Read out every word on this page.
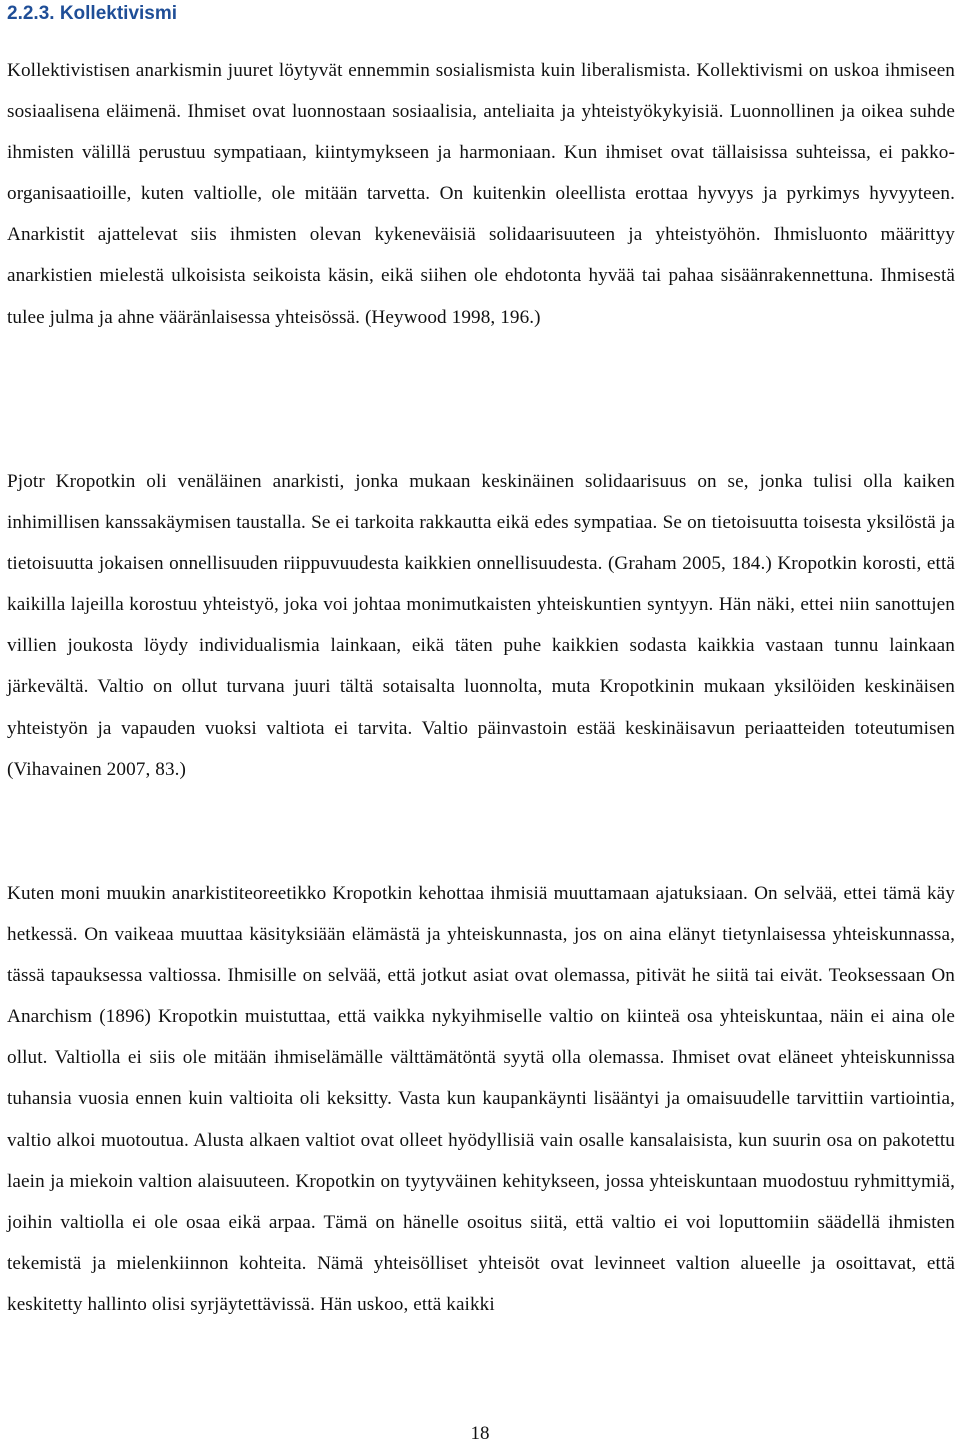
2.2.3. Kollektivismi

Kollektivistisen anarkismin juuret löytyvät ennemmin sosialismista kuin liberalismista. Kollektivismi on uskoa ihmiseen sosiaalisena eläimenä. Ihmiset ovat luonnostaan sosiaalisia, anteliaita ja yhteistyökykyisiä. Luonnollinen ja oikea suhde ihmisten välillä perustuu sympatiaan, kiintymykseen ja harmoniaan. Kun ihmiset ovat tällaisissa suhteissa, ei pakko-organisaatioille, kuten valtiolle, ole mitään tarvetta. On kuitenkin oleellista erottaa hyvyys ja pyrkimys hyvyyteen. Anarkistit ajattelevat siis ihmisten olevan kykeneväisiä solidaarisuuteen ja yhteistyöhön. Ihmisluonto määrittyy anarkistien mielestä ulkoisista seikoista käsin, eikä siihen ole ehdotonta hyvää tai pahaa sisäänrakennettuna. Ihmisestä tulee julma ja ahne vääränlaisessa yhteisössä. (Heywood 1998, 196.)

Pjotr Kropotkin oli venäläinen anarkisti, jonka mukaan keskinäinen solidaarisuus on se, jonka tulisi olla kaiken inhimillisen kanssakäymisen taustalla. Se ei tarkoita rakkautta eikä edes sympatiaa. Se on tietoisuutta toisesta yksilöstä ja tietoisuutta jokaisen onnellisuuden riippuvuudesta kaikkien onnellisuudesta. (Graham 2005, 184.) Kropotkin korosti, että kaikilla lajeilla korostuu yhteistyö, joka voi johtaa monimutkaisten yhteiskuntien syntyyn. Hän näki, ettei niin sanottujen villien joukosta löydy individualismia lainkaan, eikä täten puhe kaikkien sodasta kaikkia vastaan tunnu lainkaan järkevältä. Valtio on ollut turvana juuri tältä sotaisalta luonnolta, muta Kropotkinin mukaan yksilöiden keskinäisen yhteistyön ja vapauden vuoksi valtiota ei tarvita. Valtio päinvastoin estää keskinäisavun periaatteiden toteutumisen (Vihavainen 2007, 83.)

Kuten moni muukin anarkistiteoreetikko Kropotkin kehottaa ihmisiä muuttamaan ajatuksiaan. On selvää, ettei tämä käy hetkessä. On vaikeaa muuttaa käsityksiään elämästä ja yhteiskunnasta, jos on aina elänyt tietynlaisessa yhteiskunnassa, tässä tapauksessa valtiossa. Ihmisille on selvää, että jotkut asiat ovat olemassa, pitivät he siitä tai eivät. Teoksessaan On Anarchism (1896) Kropotkin muistuttaa, että vaikka nykyihmiselle valtio on kiinteä osa yhteiskuntaa, näin ei aina ole ollut. Valtiolla ei siis ole mitään ihmiselämälle välttämätöntä syytä olla olemassa. Ihmiset ovat eläneet yhteiskunnissa tuhansia vuosia ennen kuin valtioita oli keksitty. Vasta kun kaupankäynti lisääntyi ja omaisuudelle tarvittiin vartiointia, valtio alkoi muotoutua. Alusta alkaen valtiot ovat olleet hyödyllisiä vain osalle kansalaisista, kun suurin osa on pakotettu laein ja miekoin valtion alaisuuteen. Kropotkin on tyytyväinen kehitykseen, jossa yhteiskuntaan muodostuu ryhmittymiä, joihin valtiolla ei ole osaa eikä arpaa. Tämä on hänelle osoitus siitä, että valtio ei voi loputtomiin säädellä ihmisten tekemistä ja mielenkiinnon kohteita. Nämä yhteisölliset yhteisöt ovat levinneet valtion alueelle ja osoittavat, että keskitetty hallinto olisi syrjäytettävissä. Hän uskoo, että kaikki

18
